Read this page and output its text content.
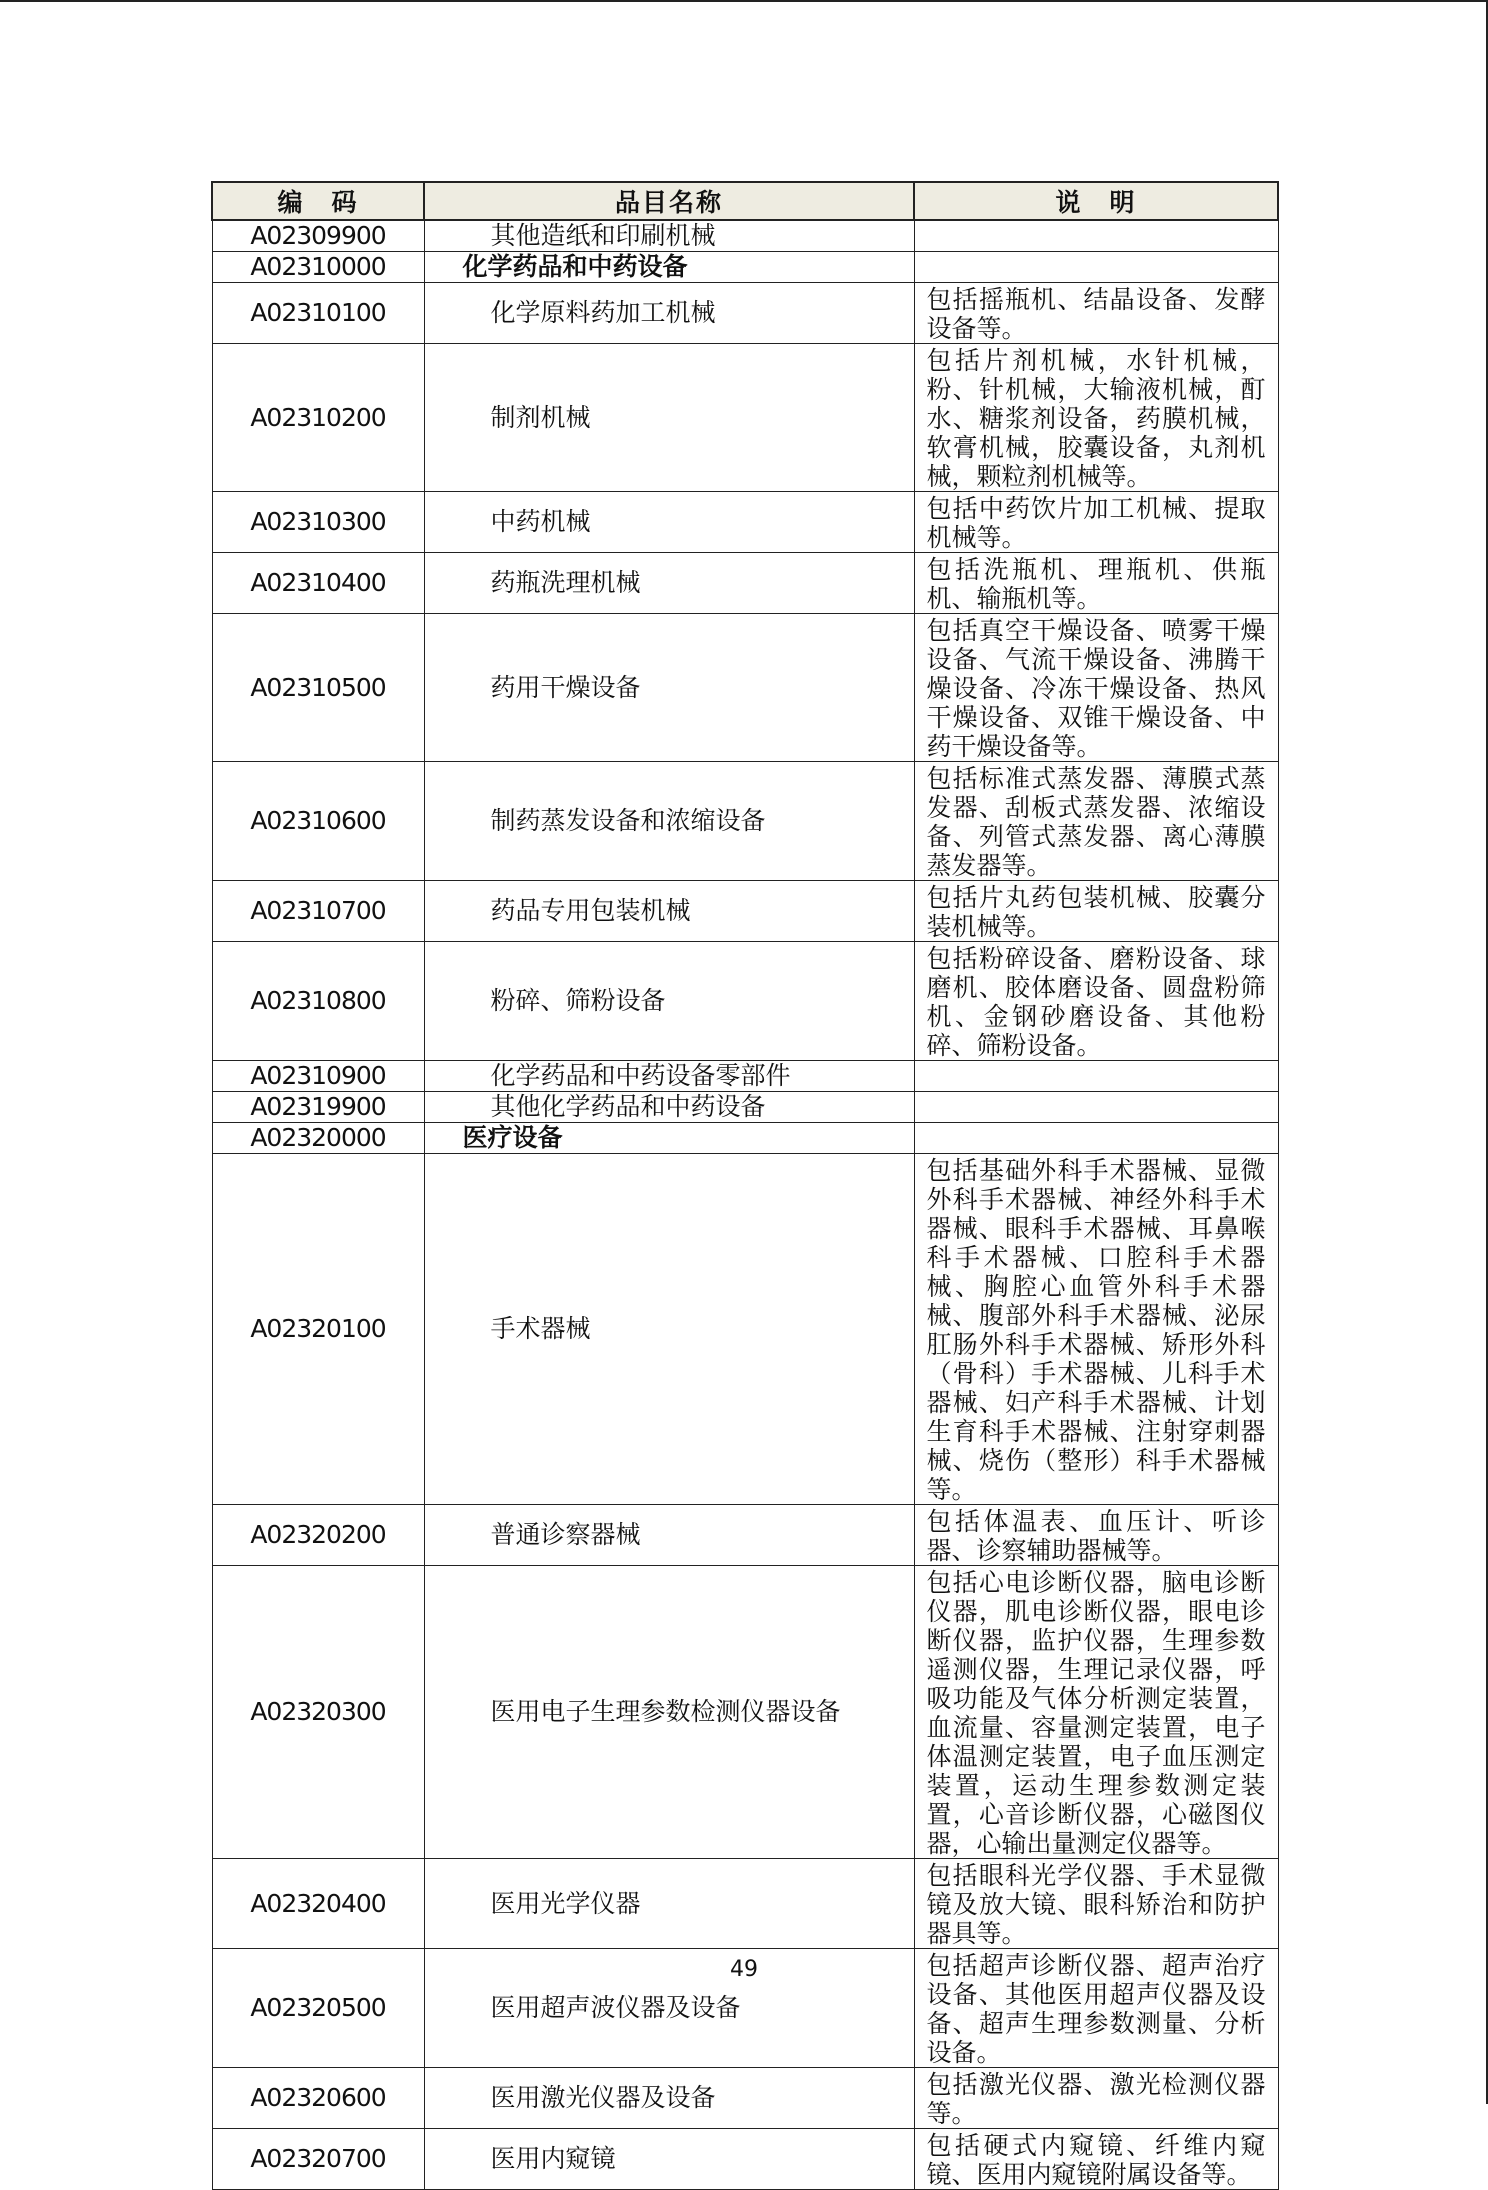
编　码	品目名称	说　明
A02309900	其他造纸和印刷机械	
A02310000	化学药品和中药设备	
A02310100	化学原料药加工机械	包括摇瓶机、结晶设备、发酵设备等。
A02310200	制剂机械	包括片剂机械，水针机械，粉、针机械，大输液机械，酊水、糖浆剂设备，药膜机械，软膏机械，胶囊设备，丸剂机械，颗粒剂机械等。
A02310300	中药机械	包括中药饮片加工机械、提取机械等。
A02310400	药瓶洗理机械	包括洗瓶机、理瓶机、供瓶机、输瓶机等。
A02310500	药用干燥设备	包括真空干燥设备、喷雾干燥设备、气流干燥设备、沸腾干燥设备、冷冻干燥设备、热风干燥设备、双锥干燥设备、中药干燥设备等。
A02310600	制药蒸发设备和浓缩设备	包括标准式蒸发器、薄膜式蒸发器、刮板式蒸发器、浓缩设备、列管式蒸发器、离心薄膜蒸发器等。
A02310700	药品专用包装机械	包括片丸药包装机械、胶囊分装机械等。
A02310800	粉碎、筛粉设备	包括粉碎设备、磨粉设备、球磨机、胶体磨设备、圆盘粉筛机、金钢砂磨设备、其他粉碎、筛粉设备。
A02310900	化学药品和中药设备零部件	
A02319900	其他化学药品和中药设备	
A02320000	医疗设备	
A02320100	手术器械	包括基础外科手术器械、显微外科手术器械、神经外科手术器械、眼科手术器械、耳鼻喉科手术器械、口腔科手术器械、胸腔心血管外科手术器械、腹部外科手术器械、泌尿肛肠外科手术器械、矫形外科（骨科）手术器械、儿科手术器械、妇产科手术器械、计划生育科手术器械、注射穿刺器械、烧伤（整形）科手术器械等。
A02320200	普通诊察器械	包括体温表、血压计、听诊器、诊察辅助器械等。
A02320300	医用电子生理参数检测仪器设备	包括心电诊断仪器，脑电诊断仪器，肌电诊断仪器，眼电诊断仪器，监护仪器，生理参数遥测仪器，生理记录仪器，呼吸功能及气体分析测定装置，血流量、容量测定装置，电子体温测定装置，电子血压测定装置，运动生理参数测定装置，心音诊断仪器，心磁图仪器，心输出量测定仪器等。
A02320400	医用光学仪器	包括眼科光学仪器、手术显微镜及放大镜、眼科矫治和防护器具等。
A02320500	医用超声波仪器及设备	包括超声诊断仪器、超声治疗设备、其他医用超声仪器及设备、超声生理参数测量、分析设备。
A02320600	医用激光仪器及设备	包括激光仪器、激光检测仪器等。
A02320700	医用内窥镜	包括硬式内窥镜、纤维内窥镜、医用内窥镜附属设备等。
49
